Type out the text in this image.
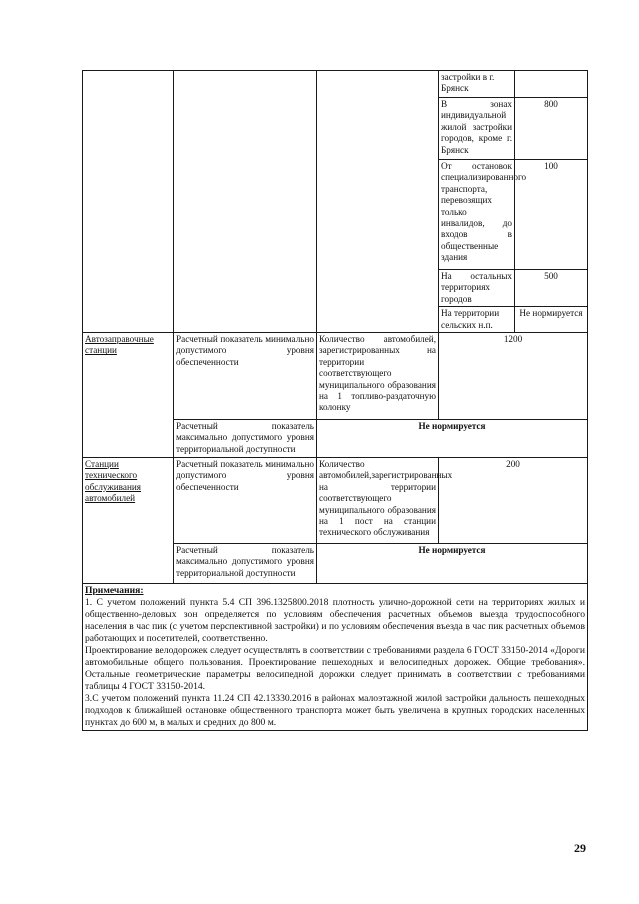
			застройки в г. Брянск	
			В зонах индивидуальной жилой застройки городов, кроме г. Брянск	800
			От остановок специализированного транспорта, перевозящих только инвалидов, до входов в общественные здания	100
			На остальных территориях городов	500
			На территории сельских н.п.	Не нормируется
Автозаправочные станции	Расчетный показатель минимально допустимого уровня обеспеченности	Количество автомобилей, зарегистрированных на территории соответствующего муниципального образования на 1 топливо-раздаточную колонку	1200	
	Расчетный показатель максимально допустимого уровня территориальной доступности	Не нормируется		
Станции технического обслуживания автомобилей	Расчетный показатель минимально допустимого уровня обеспеченности	Количество автомобилей,зарегистрированных на территории соответствующего муниципального образования на 1 пост на станции технического обслуживания	200	
	Расчетный показатель максимально допустимого уровня территориальной доступности	Не нормируется		

Примечания:

1. С учетом положений пункта 5.4 СП 396.1325800.2018 плотность улично-дорожной сети на территориях жилых и общественно-деловых зон определяется по условиям обеспечения расчетных объемов выезда трудоспособного населения в час пик (с учетом перспективной застройки) и по условиям обеспечения въезда в час пик расчетных объемов работающих и посетителей, соответственно.

Проектирование велодорожек следует осуществлять в соответствии с требованиями раздела 6 ГОСТ 33150-2014 «Дороги автомобильные общего пользования. Проектирование пешеходных и велосипедных дорожек. Общие требования». Остальные геометрические параметры велосипедной дорожки следует принимать в соответствии с требованиями таблицы 4 ГОСТ 33150-2014.

3.С учетом положений пункта 11.24 СП 42.13330.2016 в районах малоэтажной жилой застройки дальность пешеходных подходов к ближайшей остановке общественного транспорта может быть увеличена в крупных городских населенных пунктах до 600 м, в малых и средних до 800 м.				

29
